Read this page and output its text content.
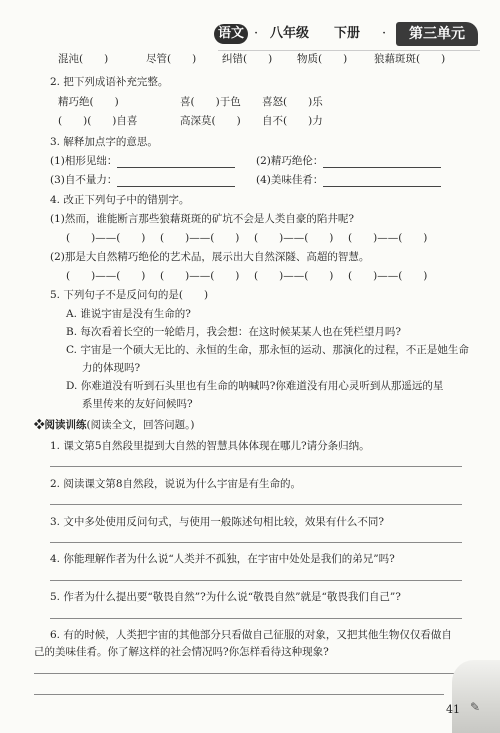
语文 · 八年级 下册 ·	第三单元
混沌(　　)	尽管(　　) 纠错(　　) 物质(　　)	狼藉斑斑(　　)
2. 把下列成语补充完整。
精巧绝(　　)	喜(　　)于色 喜怒(　　)乐
(　　)(　　)自喜	高深莫(　　) 自不(　　)力
3. 解释加点字的意思。
(1)相形见绌：	(2)精巧绝伦：
(3)自不量力：	(4)美味佳肴：
4. 改正下列句子中的错别字。
(1)然而，谁能断言那些狼藉斑斑的矿坑不会是人类自豪的陷井呢?
(　　)——(　　) (　　)——(　　) (　　)——(　　) (　　)——(　　)
(2)那是大自然精巧绝伦的艺术品，展示出大自然深隧、高超的智慧。
(　　)——(　　) (　　)——(　　) (　　)——(　　) (　　)——(　　)
5. 下列句子不是反问句的是(　　)
A. 谁说宇宙是没有生命的?
B. 每次看着长空的一轮皓月，我会想：在这时候某某人也在凭栏望月吗?
C. 宇宙是一个硕大无比的、永恒的生命，那永恒的运动、那演化的过程，不正是她生命
力的体现吗?
D. 你难道没有听到石头里也有生命的呐喊吗?你难道没有用心灵听到从那遥远的星
系里传来的友好问候吗?
❖阅读训练(阅读全文，回答问题。)
1. 课文第5自然段里提到大自然的智慧具体体现在哪儿?请分条归纳。
2. 阅读课文第8自然段，说说为什么宇宙是有生命的。
3. 文中多处使用反问句式，与使用一般陈述句相比较，效果有什么不同?
4. 你能理解作者为什么说“人类并不孤独，在宇宙中处处是我们的弟兄”吗?
5. 作者为什么提出要“敬畏自然”?为什么说“敬畏自然”就是“敬畏我们自己”?
6. 有的时候，人类把宇宙的其他部分只看做自己征服的对象，又把其他生物仅仅看做自
己的美味佳肴。你了解这样的社会情况吗?你怎样看待这种现象?
41 ✎
